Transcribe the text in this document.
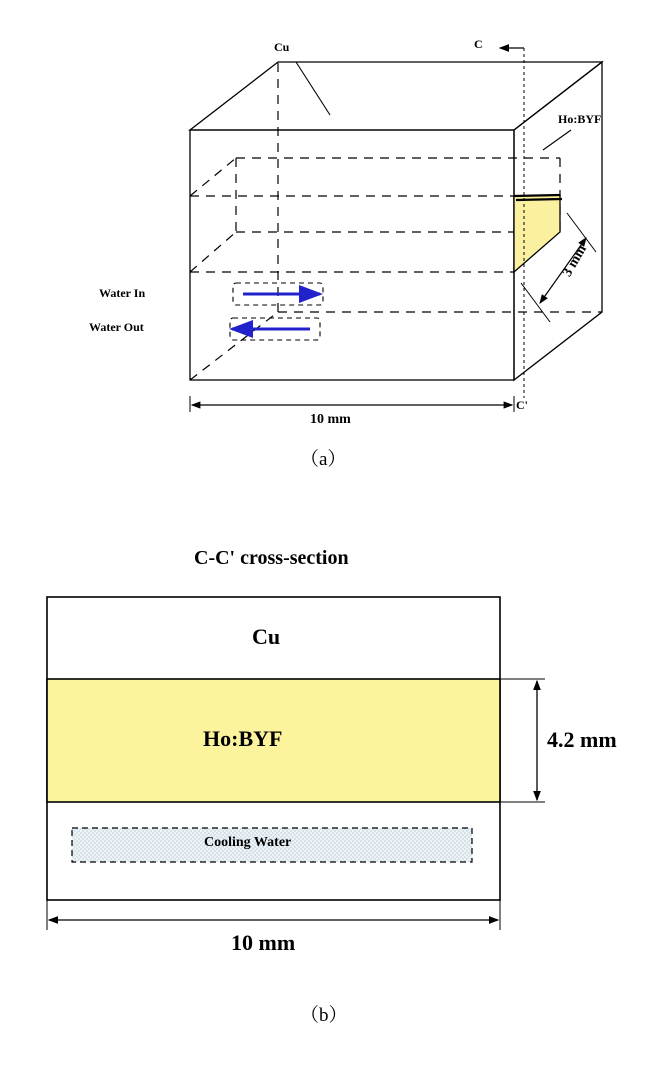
Cu
Ho:BYF
C
C'
Water In
Water Out
10 mm
3 mm
（a）
C-C' cross-section
Cu
Ho:BYF
Cooling Water
4.2 mm
10 mm
（b）
